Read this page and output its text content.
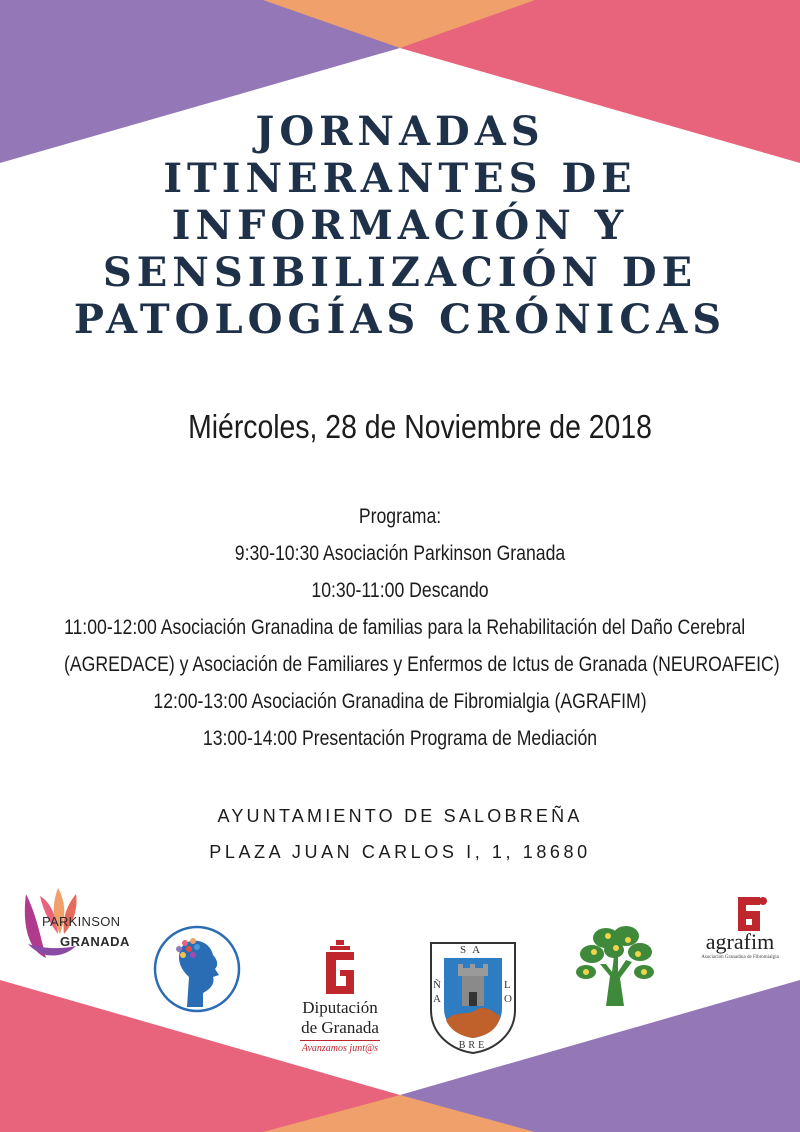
JORNADAS
ITINERANTES DE
INFORMACIÓN Y
SENSIBILIZACIÓN DE
PATOLOGÍAS CRÓNICAS
Miércoles, 28 de Noviembre de 2018
Programa:
9:30-10:30 Asociación Parkinson Granada
10:30-11:00 Descando
11:00-12:00 Asociación Granadina de familias para la Rehabilitación del Daño Cerebral
(AGREDACE) y Asociación de Familiares y Enfermos de Ictus de Granada (NEUROAFEIC)
12:00-13:00 Asociación Granadina de Fibromialgia (AGRAFIM)
13:00-14:00 Presentación Programa de Mediación
AYUNTAMIENTO DE SALOBREÑA
PLAZA JUAN CARLOS I, 1, 18680
PARKINSON
GRANADA
Diputación
de Granada
Avanzamos junt@s
SA
LO
BRE
ÑA
agrafim
Asociación Granadina de Fibromialgia
